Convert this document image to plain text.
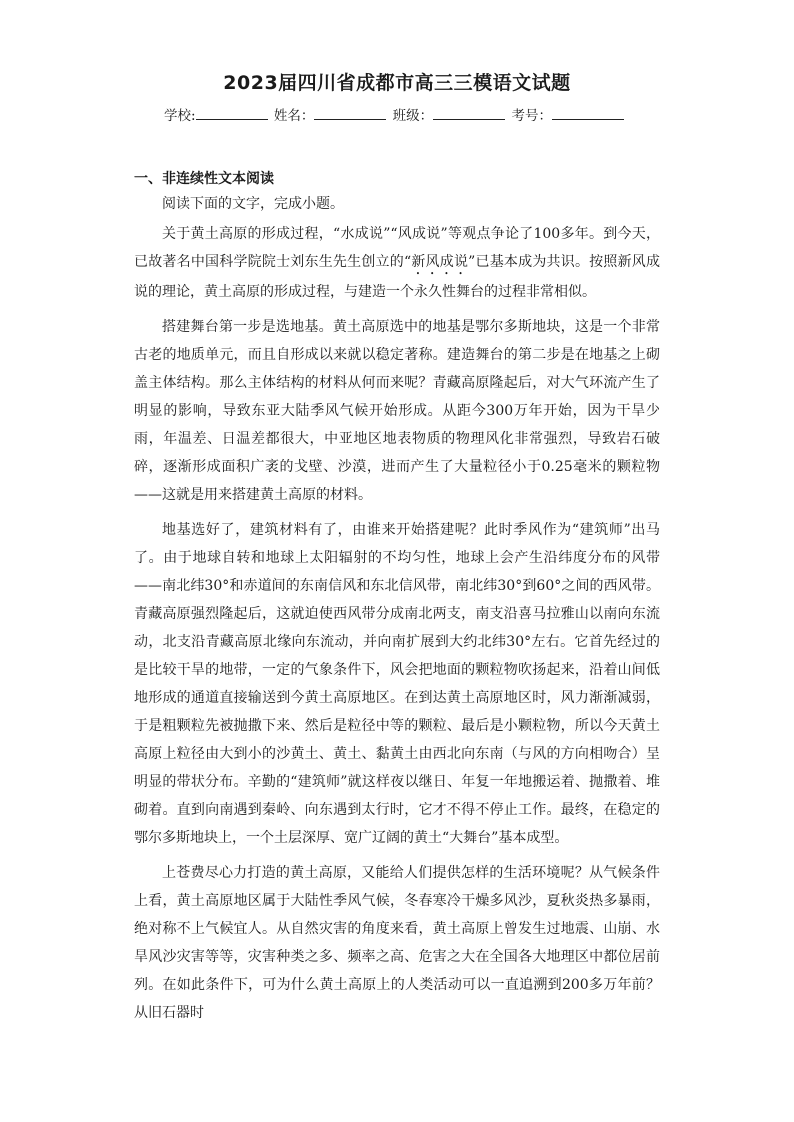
2023届四川省成都市高三三模语文试题
学校:	姓名：	班级：	考号：
一、非连续性文本阅读

阅读下面的文字，完成小题。

关于黄土高原的形成过程，“水成说”“风成说”等观点争论了100多年。到今天，已故著名中国科学院院士刘东生先生创立的“新风成说”已基本成为共识。按照新风成说的理论，黄土高原的形成过程，与建造一个永久性舞台的过程非常相似。

搭建舞台第一步是选地基。黄土高原选中的地基是鄂尔多斯地块，这是一个非常古老的地质单元，而且自形成以来就以稳定著称。建造舞台的第二步是在地基之上砌盖主体结构。那么主体结构的材料从何而来呢？青藏高原隆起后，对大气环流产生了明显的影响，导致东亚大陆季风气候开始形成。从距今300万年开始，因为干旱少雨，年温差、日温差都很大，中亚地区地表物质的物理风化非常强烈，导致岩石破碎，逐渐形成面积广袤的戈壁、沙漠，进而产生了大量粒径小于0.25毫米的颗粒物——这就是用来搭建黄土高原的材料。

地基选好了，建筑材料有了，由谁来开始搭建呢？此时季风作为“建筑师”出马了。由于地球自转和地球上太阳辐射的不均匀性，地球上会产生沿纬度分布的风带——南北纬30°和赤道间的东南信风和东北信风带，南北纬30°到60°之间的西风带。青藏高原强烈隆起后，这就迫使西风带分成南北两支，南支沿喜马拉雅山以南向东流动，北支沿青藏高原北缘向东流动，并向南扩展到大约北纬30°左右。它首先经过的是比较干旱的地带，一定的气象条件下，风会把地面的颗粒物吹扬起来，沿着山间低地形成的通道直接输送到今黄土高原地区。在到达黄土高原地区时，风力渐渐减弱，于是粗颗粒先被抛撒下来、然后是粒径中等的颗粒、最后是小颗粒物，所以今天黄土高原上粒径由大到小的沙黄土、黄土、黏黄土由西北向东南（与风的方向相吻合）呈明显的带状分布。辛勤的“建筑师”就这样夜以继日、年复一年地搬运着、抛撒着、堆砌着。直到向南遇到秦岭、向东遇到太行时，它才不得不停止工作。最终，在稳定的鄂尔多斯地块上，一个土层深厚、宽广辽阔的黄土“大舞台”基本成型。

上苍费尽心力打造的黄土高原，又能给人们提供怎样的生活环境呢？从气候条件上看，黄土高原地区属于大陆性季风气候，冬春寒冷干燥多风沙，夏秋炎热多暴雨，绝对称不上气候宜人。从自然灾害的角度来看，黄土高原上曾发生过地震、山崩、水旱风沙灾害等等，灾害种类之多、频率之高、危害之大在全国各大地理区中都位居前列。在如此条件下，可为什么黄土高原上的人类活动可以一直追溯到200多万年前？从旧石器时
